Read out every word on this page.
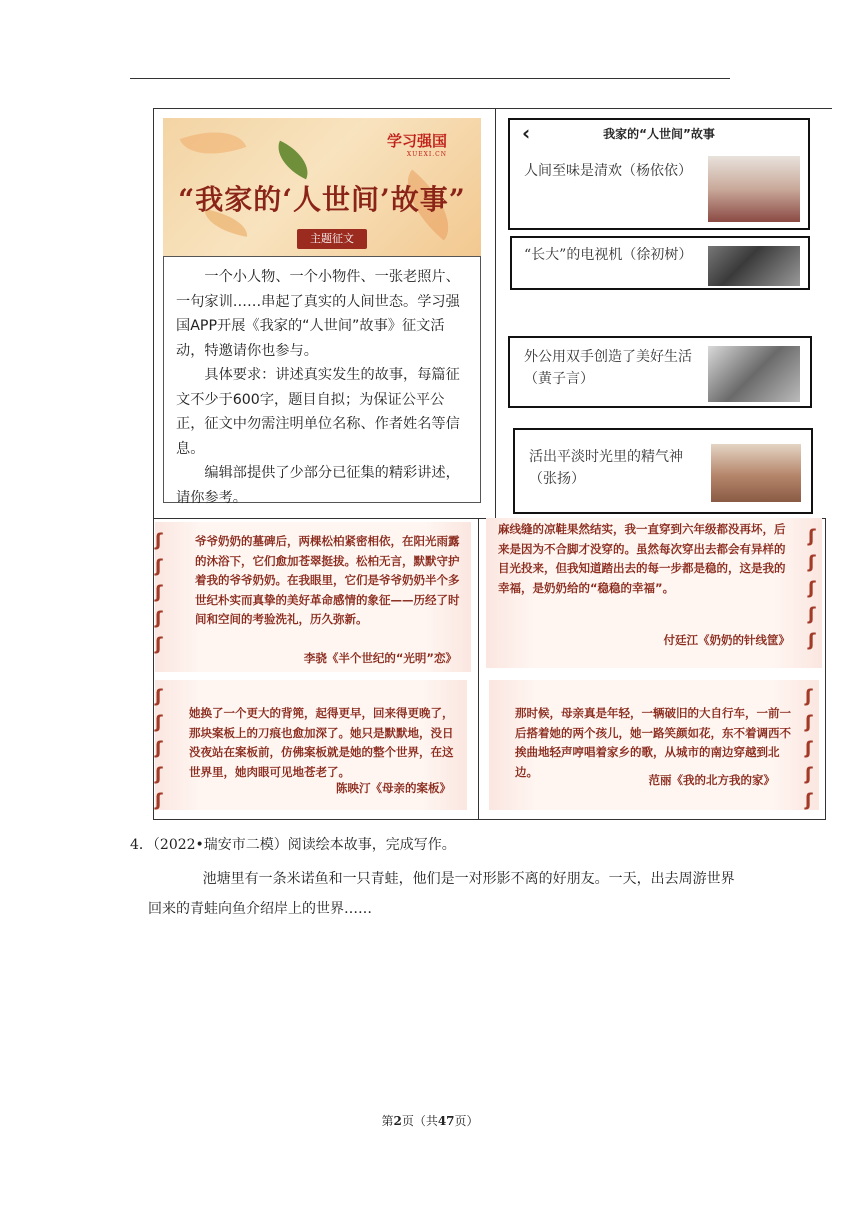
学习强国
XUEXI.CN
“我家的‘人世间’故事”
主题征文

一个小人物、一个小物件、一张老照片、一句家训……串起了真实的人间世态。学习强国APP开展《我家的“人世间”故事》征文活动，特邀请你也参与。

具体要求：讲述真实发生的故事，每篇征文不少于600字，题目自拟；为保证公平公正，征文中勿需注明单位名称、作者姓名等信息。

编辑部提供了少部分已征集的精彩讲述，请你参考。

‹	我家的“人世间”故事
人间至味是清欢（杨依依）
“长大”的电视机（徐初树）
外公用双手创造了美好生活（黄子言）
活出平淡时光里的精气神（张扬）
ʃ
ʃ
ʃ
ʃ
ʃ
爷爷奶奶的墓碑后，两棵松柏紧密相依，在阳光雨露的沐浴下，它们愈加苍翠挺拔。松柏无言，默默守护着我的爷爷奶奶。在我眼里，它们是爷爷奶奶半个多世纪朴实而真挚的美好革命感情的象征——历经了时间和空间的考验洗礼，历久弥新。
李骁《半个世纪的“光明”恋》
ʃ
ʃ
ʃ
ʃ
ʃ
麻线缝的凉鞋果然结实，我一直穿到六年级都没再坏，后来是因为不合脚才没穿的。虽然每次穿出去都会有异样的目光投来，但我知道踏出去的每一步都是稳的，这是我的幸福，是奶奶给的“稳稳的幸福”。
付廷江《奶奶的针线筐》
ʃ
ʃ
ʃ
ʃ
ʃ
她换了一个更大的背篼，起得更早，回来得更晚了，那块案板上的刀痕也愈加深了。她只是默默地，没日没夜站在案板前，仿佛案板就是她的整个世界，在这世界里，她肉眼可见地苍老了。
陈映汀《母亲的案板》
ʃ
ʃ
ʃ
ʃ
ʃ
那时候，母亲真是年轻，一辆破旧的大自行车，一前一后搭着她的两个孩儿，她一路笑颜如花，东不着调西不挨曲地轻声哼唱着家乡的歌，从城市的南边穿越到北边。
范丽《我的北方我的家》
4．（2022•瑞安市二模）阅读绘本故事，完成写作。
池塘里有一条米诺鱼和一只青蛙，他们是一对形影不离的好朋友。一天，出去周游世界回来的青蛙向鱼介绍岸上的世界……
第2页（共47页）
